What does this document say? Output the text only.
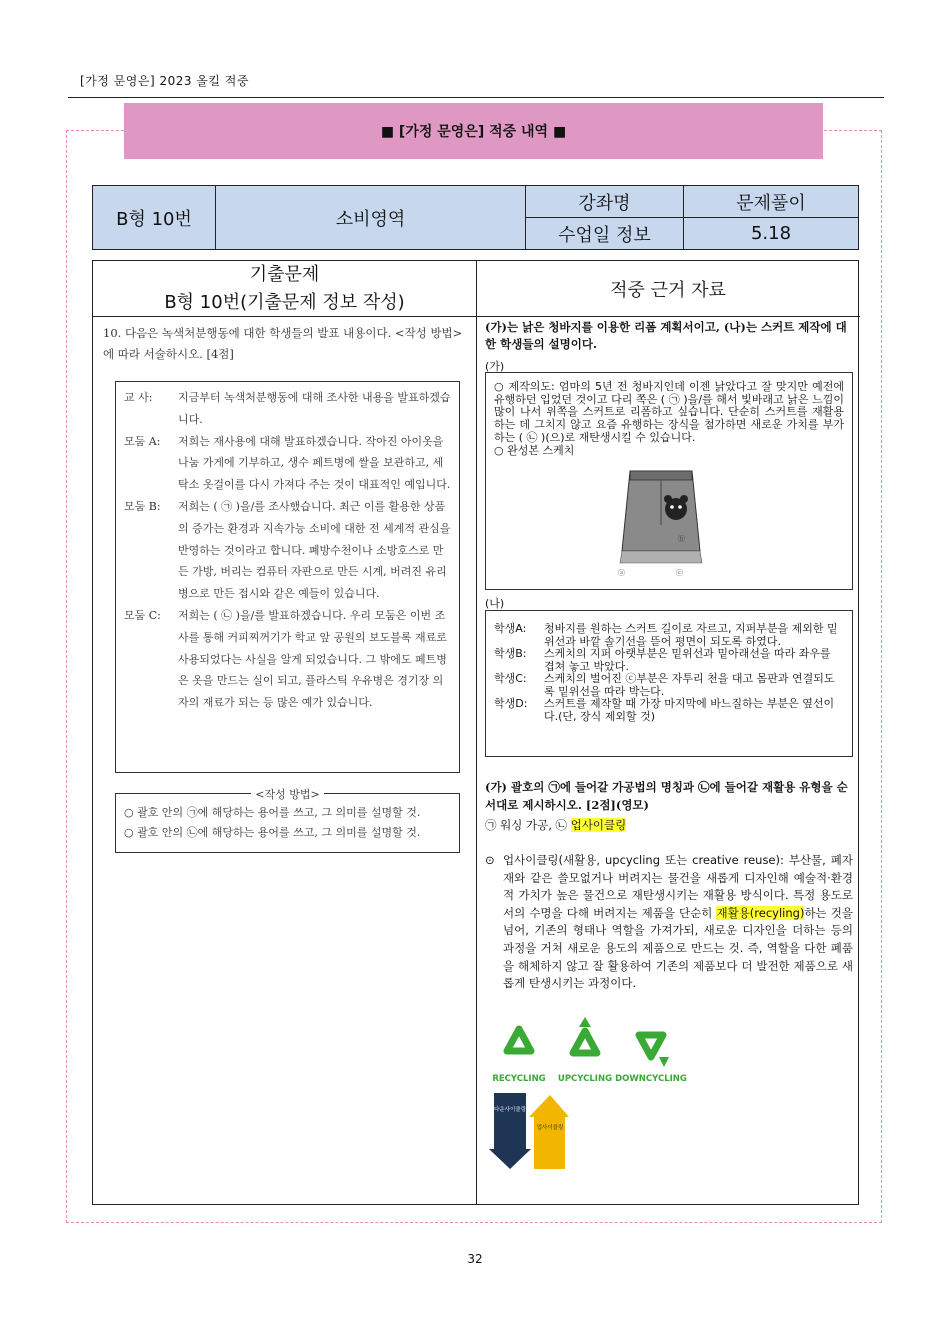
[가정 문영은] 2023 올킬 적중
■ [가정 문영은] 적중 내역 ■
B형 10번	소비영역	강좌명	문제풀이
		수업일 정보	5.18
기출문제
B형 10번(기출문제 정보 작성)
적중 근거 자료
10. 다음은 녹색처분행동에 대한 학생들의 발표 내용이다. <작성 방법>에 따라 서술하시오. [4점]
교 사:	지금부터 녹색처분행동에 대해 조사한 내용을 발표하겠습니다.
모둠 A:	저희는 재사용에 대해 발표하겠습니다. 작아진 아이옷을 나눔 가게에 기부하고, 생수 페트병에 쌀을 보관하고, 세탁소 옷걸이를 다시 가져다 주는 것이 대표적인 예입니다.
모둠 B:	저희는 ( ㉠ )을/를 조사했습니다. 최근 이를 활용한 상품의 증가는 환경과 지속가능 소비에 대한 전 세계적 관심을 반영하는 것이라고 합니다. 폐방수천이나 소방호스로 만든 가방, 버리는 컴퓨터 자판으로 만든 시계, 버려진 유리병으로 만든 접시와 같은 예들이 있습니다.
모둠 C:	저희는 ( ㉡ )을/를 발표하겠습니다. 우리 모둠은 이번 조사를 통해 커피찌꺼기가 학교 앞 공원의 보도블록 재료로 사용되었다는 사실을 알게 되었습니다. 그 밖에도 페트병은 옷을 만드는 실이 되고, 플라스틱 우유병은 경기장 의자의 재료가 되는 등 많은 예가 있습니다.
○ 괄호 안의 ㉠에 해당하는 용어를 쓰고, 그 의미를 설명할 것.
○ 괄호 안의 ㉡에 해당하는 용어를 쓰고, 그 의미를 설명할 것.
<작성 방법>
(가)는 낡은 청바지를 이용한 리폼 계획서이고, (나)는 스커트 제작에 대한 학생들의 설명이다.
(가)
○ 제작의도: 엄마의 5년 전 청바지인데 이젠 낡았다고 잘 맞지만 예전에 유행하던 입었던 것이고 다리 쪽은 ( ㉠ )을/를 해서 빛바래고 낡은 느낌이 많이 나서 위쪽을 스커트로 리폼하고 싶습니다. 단순히 스커트를 재활용하는 데 그치지 않고 요즘 유행하는 장식을 첨가하면 새로운 가치를 부가하는 ( ㉡ )(으)로 재탄생시킬 수 있습니다.
○ 완성본 스케치
ⓐ
ⓑ
ⓒ
(나)
학생A:	청바지를 원하는 스커트 길이로 자르고, 지퍼부분을 제외한 밑위선과 바깥 솔기선을 뜯어 평면이 되도록 하였다.
학생B:	스케치의 지퍼 아랫부분은 밑위선과 밑아래선을 따라 좌우를 겹쳐 놓고 박았다.
학생C:	스케치의 벌어진 ⓒ부분은 자투리 천을 대고 몸판과 연결되도록 밑위선을 따라 박는다.
학생D:	스커트를 제작할 때 가장 마지막에 바느질하는 부분은 옆선이다.(단, 장식 제외할 것)
(가) 괄호의 ㉠에 들어갈 가공법의 명칭과 ㉡에 들어갈 재활용 유형을 순서대로 제시하시오. [2점](영모)
㉠ 워싱 가공, ㉡ 업사이클링
⊙ 업사이클링(새활용, upcycling 또는 creative reuse): 부산물, 폐자재와 같은 쓸모없거나 버려지는 물건을 새롭게 디자인해 예술적·환경적 가치가 높은 물건으로 재탄생시키는 재활용 방식이다. 특정 용도로서의 수명을 다해 버려지는 제품을 단순히 재활용(recyling)하는 것을 넘어, 기존의 형태나 역할을 가져가되, 새로운 디자인을 더하는 등의 과정을 거쳐 새로운 용도의 제품으로 만드는 것. 즉, 역할을 다한 폐품을 해체하지 않고 잘 활용하여 기존의 제품보다 더 발전한 제품으로 새롭게 탄생시키는 과정이다.
RECYCLING UPCYCLING DOWNCYCLING
다운사이클링
업사이클링
32
